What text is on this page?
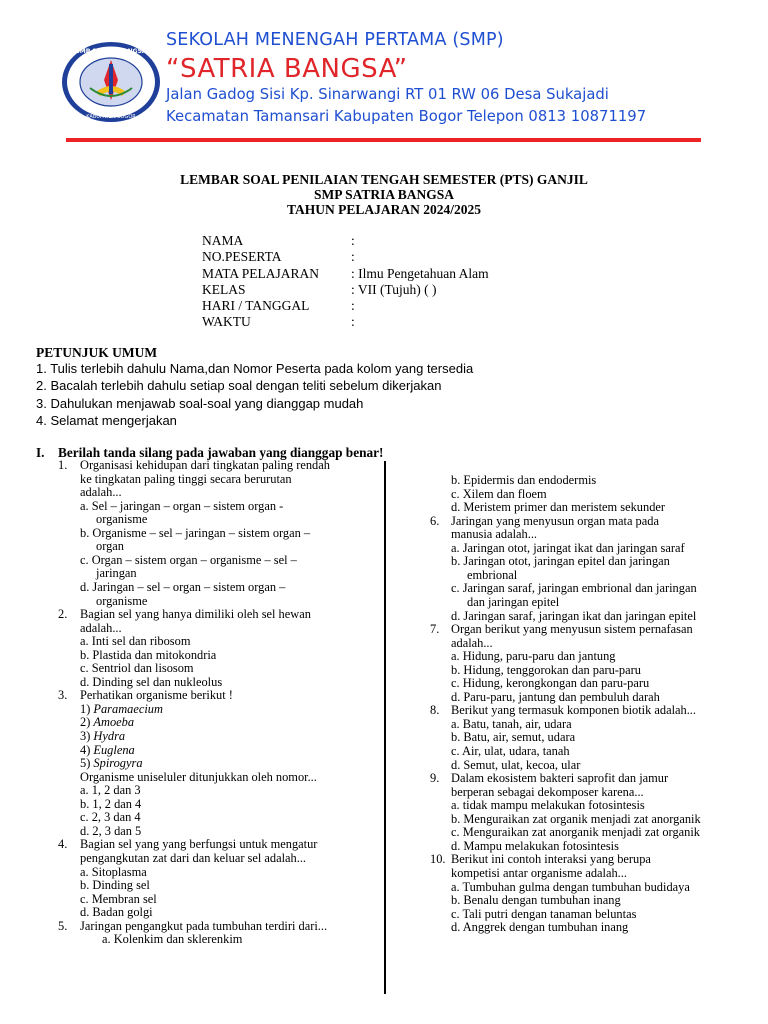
SMP SATRIA BANGSA
KABUPATEN BOGOR
SEKOLAH MENENGAH PERTAMA (SMP)
“SATRIA BANGSA”
Jalan Gadog Sisi Kp. Sinarwangi RT 01 RW 06 Desa Sukajadi
Kecamatan Tamansari Kabupaten Bogor Telepon 0813 10871197
LEMBAR SOAL PENILAIAN TENGAH SEMESTER (PTS) GANJIL
SMP SATRIA BANGSA
TAHUN PELAJARAN 2024/2025
NAMA	:
NO.PESERTA	:
MATA PELAJARAN : Ilmu Pengetahuan Alam
KELAS	: VII (Tujuh) ( )
HARI / TANGGAL	:
WAKTU	:
PETUNJUK UMUM
1. Tulis terlebih dahulu Nama,dan Nomor Peserta pada kolom yang tersedia
2. Bacalah terlebih dahulu setiap soal dengan teliti sebelum dikerjakan
3. Dahulukan menjawab soal-soal yang dianggap mudah
4. Selamat mengerjakan
I. Berilah tanda silang pada jawaban yang dianggap benar!
1. Organisasi kehidupan dari tingkatan paling rendah
ke tingkatan paling tinggi secara berurutan
adalah...
a. Sel – jaringan – organ – sistem organ -
organisme
b. Organisme – sel – jaringan – sistem organ –
organ
c. Organ – sistem organ – organisme – sel –
jaringan
d. Jaringan – sel – organ – sistem organ –
organisme
2. Bagian sel yang hanya dimiliki oleh sel hewan
adalah...
a. Inti sel dan ribosom
b. Plastida dan mitokondria
c. Sentriol dan lisosom
d. Dinding sel dan nukleolus
3. Perhatikan organisme berikut !
1) Paramaecium
2) Amoeba
3) Hydra
4) Euglena
5) Spirogyra
Organisme uniseluler ditunjukkan oleh nomor...
a. 1, 2 dan 3
b. 1, 2 dan 4
c. 2, 3 dan 4
d. 2, 3 dan 5
4. Bagian sel yang yang berfungsi untuk mengatur
pengangkutan zat dari dan keluar sel adalah...
a. Sitoplasma
b. Dinding sel
c. Membran sel
d. Badan golgi
5. Jaringan pengangkut pada tumbuhan terdiri dari...
a. Kolenkim dan sklerenkim
b. Epidermis dan endodermis
c. Xilem dan floem
d. Meristem primer dan meristem sekunder
6. Jaringan yang menyusun organ mata pada
manusia adalah...
a. Jaringan otot, jaringat ikat dan jaringan saraf
b. Jaringan otot, jaringan epitel dan jaringan
embrional
c. Jaringan saraf, jaringan embrional dan jaringan
dan jaringan epitel
d. Jaringan saraf, jaringan ikat dan jaringan epitel
7. Organ berikut yang menyusun sistem pernafasan
adalah...
a. Hidung, paru-paru dan jantung
b. Hidung, tenggorokan dan paru-paru
c. Hidung, kerongkongan dan paru-paru
d. Paru-paru, jantung dan pembuluh darah
8. Berikut yang termasuk komponen biotik adalah...
a. Batu, tanah, air, udara
b. Batu, air, semut, udara
c. Air, ulat, udara, tanah
d. Semut, ulat, kecoa, ular
9. Dalam ekosistem bakteri saprofit dan jamur
berperan sebagai dekomposer karena...
a. tidak mampu melakukan fotosintesis
b. Menguraikan zat organik menjadi zat anorganik
c. Menguraikan zat anorganik menjadi zat organik
d. Mampu melakukan fotosintesis
10. Berikut ini contoh interaksi yang berupa
kompetisi antar organisme adalah...
a. Tumbuhan gulma dengan tumbuhan budidaya
b. Benalu dengan tumbuhan inang
c. Tali putri dengan tanaman beluntas
d. Anggrek dengan tumbuhan inang
